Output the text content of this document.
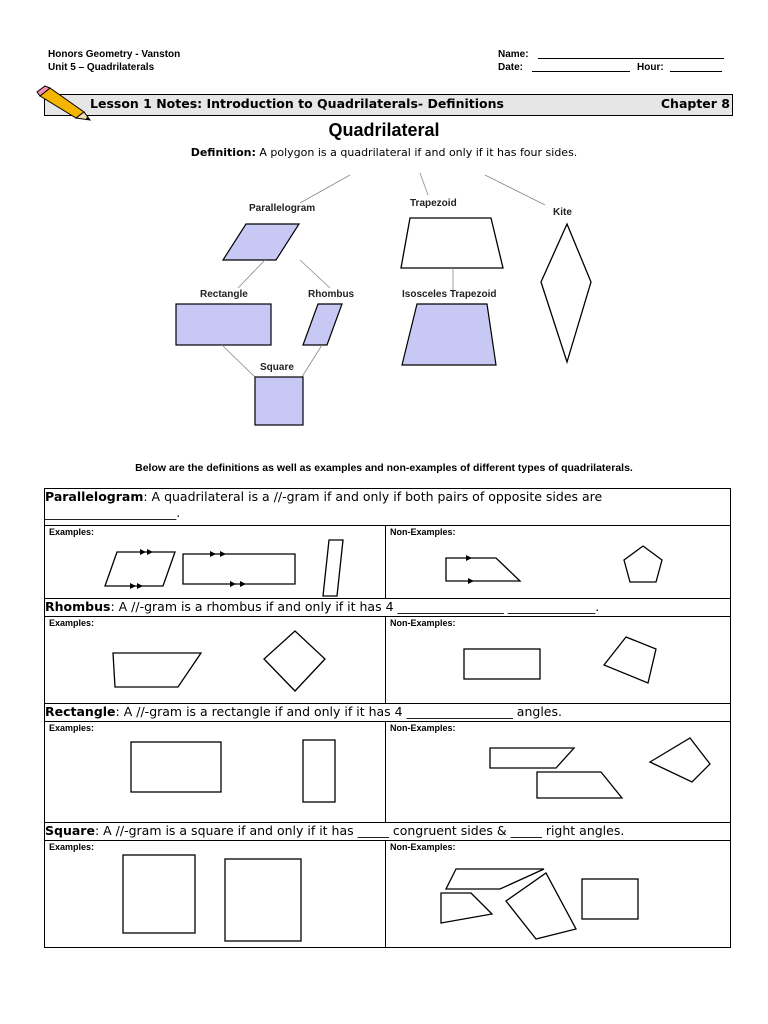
Honors Geometry - Vanston
Unit 5 – Quadrilaterals
Name:
Date:	Hour:
Lesson 1 Notes: Introduction to Quadrilaterals- Definitions	Chapter 8
Quadrilateral
Definition: A polygon is a quadrilateral if and only if it has four sides.
Parallelogram	Trapezoid
Kite
Rectangle	Rhombus	Isosceles Trapezoid
Square
Below are the definitions as well as examples and non-examples of different types of quadrilaterals.
Parallelogram: A quadrilateral is a //-gram if and only if both pairs of opposite sides are
_____________________.	

Examples:	Non-Examples:

Rhombus: A //-gram is a rhombus if and only if it has 4 _________________ ______________.	

Examples:	Non-Examples:

Rectangle: A //-gram is a rectangle if and only if it has 4 _________________ angles.	

Examples:	Non-Examples:

Square: A //-gram is a square if and only if it has _____ congruent sides & _____ right angles.	

Examples:	Non-Examples:
